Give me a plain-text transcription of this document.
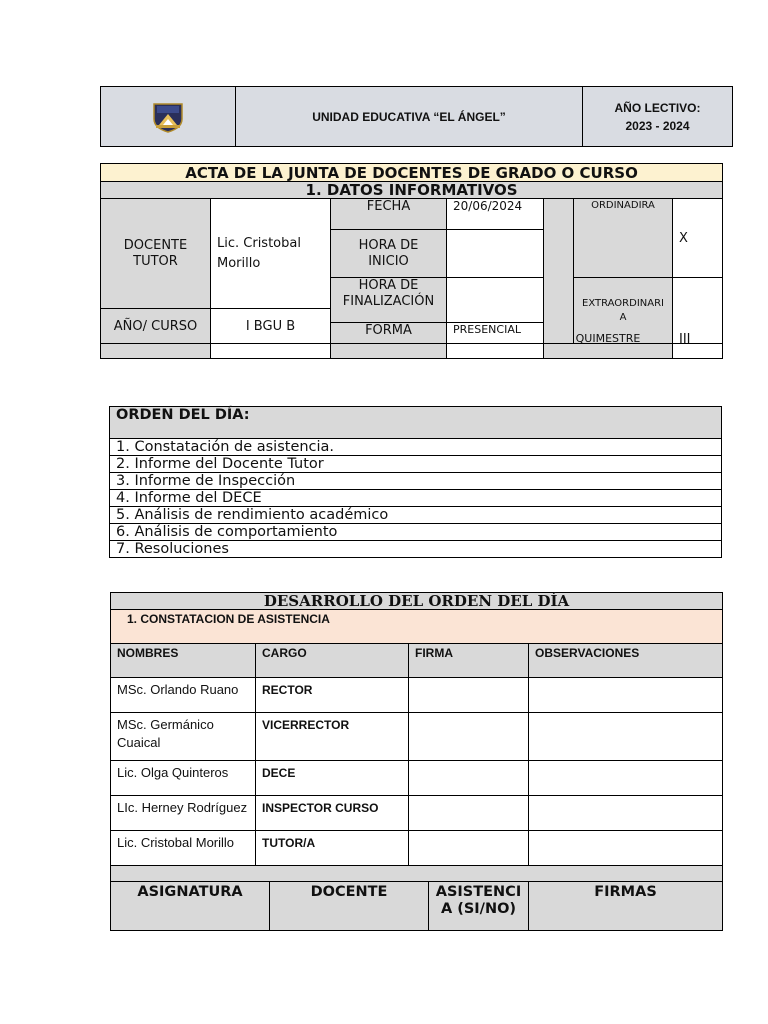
	UNIDAD EDUCATIVA “EL ÁNGEL”	
AÑO LECTIVO:
2023 - 2024
ACTA DE LA JUNTA DE DOCENTES DE GRADO O CURSO						
1. DATOS INFORMATIVOS						

DOCENTE TUTOR	Lic. Cristobal Morillo	FECHA	20/06/2024		ORDINADIRA	X

		HORA DE INICIO				

		HORA DE FINALIZACIÓN			EXTRAORDINARIA	

AÑO/ CURSO	I BGU B					
		FORMA	PRESENCIAL			

				QUIMESTRE		III
ORDEN DEL DÍA:
1. Constatación de asistencia.
2. Informe del Docente Tutor
3. Informe de Inspección
4. Informe del DECE
5. Análisis de rendimiento académico
6. Análisis de comportamiento
7. Resoluciones
DESARROLLO DEL ORDEN DEL DÍA					
1. CONSTATACION DE ASISTENCIA					
NOMBRES	CARGO		FIRMA		OBSERVACIONES
MSc. Orlando Ruano	RECTOR				
MSc. Germánico Cuaical	VICERRECTOR				
Lic. Olga Quinteros	DECE				
LIc. Herney Rodríguez	INSPECTOR CURSO				
Lic. Cristobal Morillo	TUTOR/A				

ASIGNATURA		DOCENTE		ASISTENCIA (SI/NO)	FIRMAS
